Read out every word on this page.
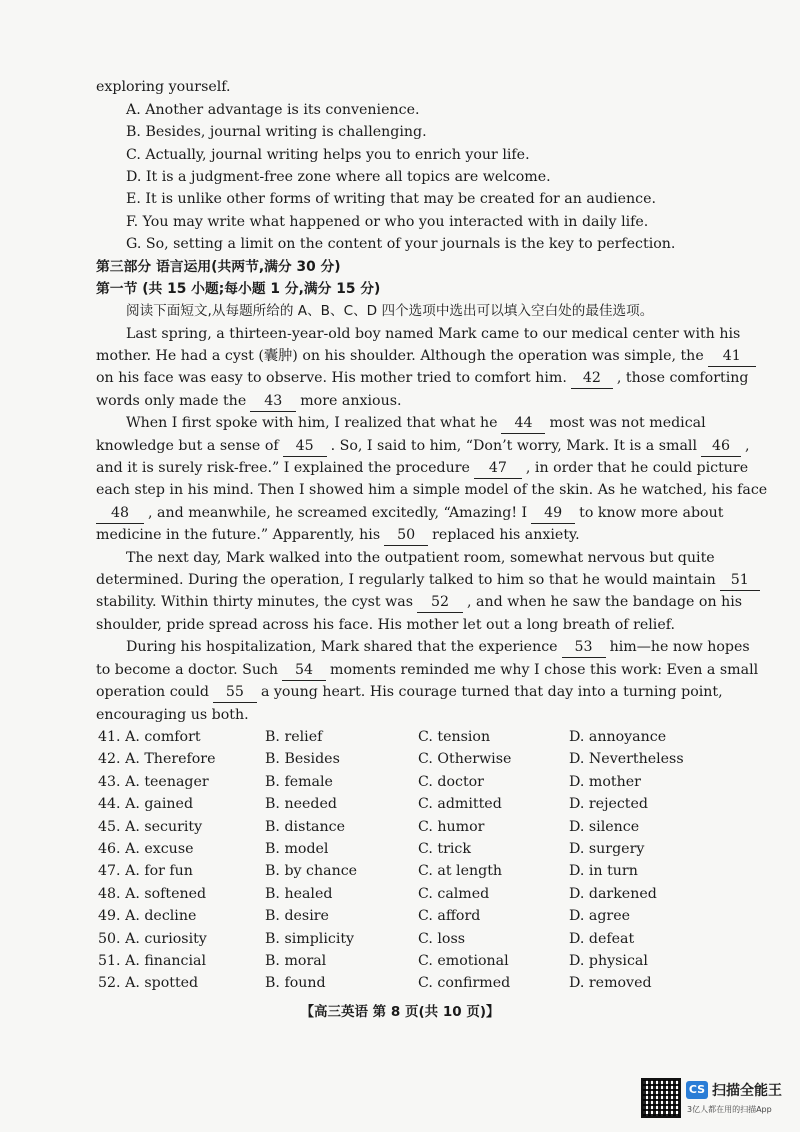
exploring yourself.
A. Another advantage is its convenience.
B. Besides, journal writing is challenging.
C. Actually, journal writing helps you to enrich your life.
D. It is a judgment-free zone where all topics are welcome.
E. It is unlike other forms of writing that may be created for an audience.
F. You may write what happened or who you interacted with in daily life.
G. So, setting a limit on the content of your journals is the key to perfection.
第三部分 语言运用(共两节,满分 30 分)
第一节 (共 15 小题;每小题 1 分,满分 15 分)
阅读下面短文,从每题所给的 A、B、C、D 四个选项中选出可以填入空白处的最佳选项。
Last spring, a thirteen-year-old boy named Mark came to our medical center with his
mother. He had a cyst (囊肿) on his shoulder. Although the operation was simple, the 41
on his face was easy to observe. His mother tried to comfort him. 42 , those comforting
words only made the 43 more anxious.
When I first spoke with him, I realized that what he 44 most was not medical
knowledge but a sense of 45 . So, I said to him, “Don’t worry, Mark. It is a small 46 ,
and it is surely risk-free.” I explained the procedure 47 , in order that he could picture
each step in his mind. Then I showed him a simple model of the skin. As he watched, his face
48 , and meanwhile, he screamed excitedly, “Amazing! I 49 to know more about
medicine in the future.” Apparently, his 50 replaced his anxiety.
The next day, Mark walked into the outpatient room, somewhat nervous but quite
determined. During the operation, I regularly talked to him so that he would maintain 51
stability. Within thirty minutes, the cyst was 52 , and when he saw the bandage on his
shoulder, pride spread across his face. His mother let out a long breath of relief.
During his hospitalization, Mark shared that the experience 53 him—he now hopes
to become a doctor. Such 54 moments reminded me why I chose this work: Even a small
operation could 55 a young heart. His courage turned that day into a turning point,
encouraging us both.
41. A. comfort	B. relief	C. tension	D. annoyance
42. A. Therefore	B. Besides	C. Otherwise	D. Nevertheless
43. A. teenager	B. female	C. doctor	D. mother
44. A. gained	B. needed	C. admitted	D. rejected
45. A. security	B. distance	C. humor	D. silence
46. A. excuse	B. model	C. trick	D. surgery
47. A. for fun	B. by chance	C. at length	D. in turn
48. A. softened	B. healed	C. calmed	D. darkened
49. A. decline	B. desire	C. afford	D. agree
50. A. curiosity	B. simplicity	C. loss	D. defeat
51. A. financial	B. moral	C. emotional	D. physical
52. A. spotted	B. found	C. confirmed	D. removed
【高三英语 第 8 页(共 10 页)】
CS 扫描全能王
3亿人都在用的扫描App
